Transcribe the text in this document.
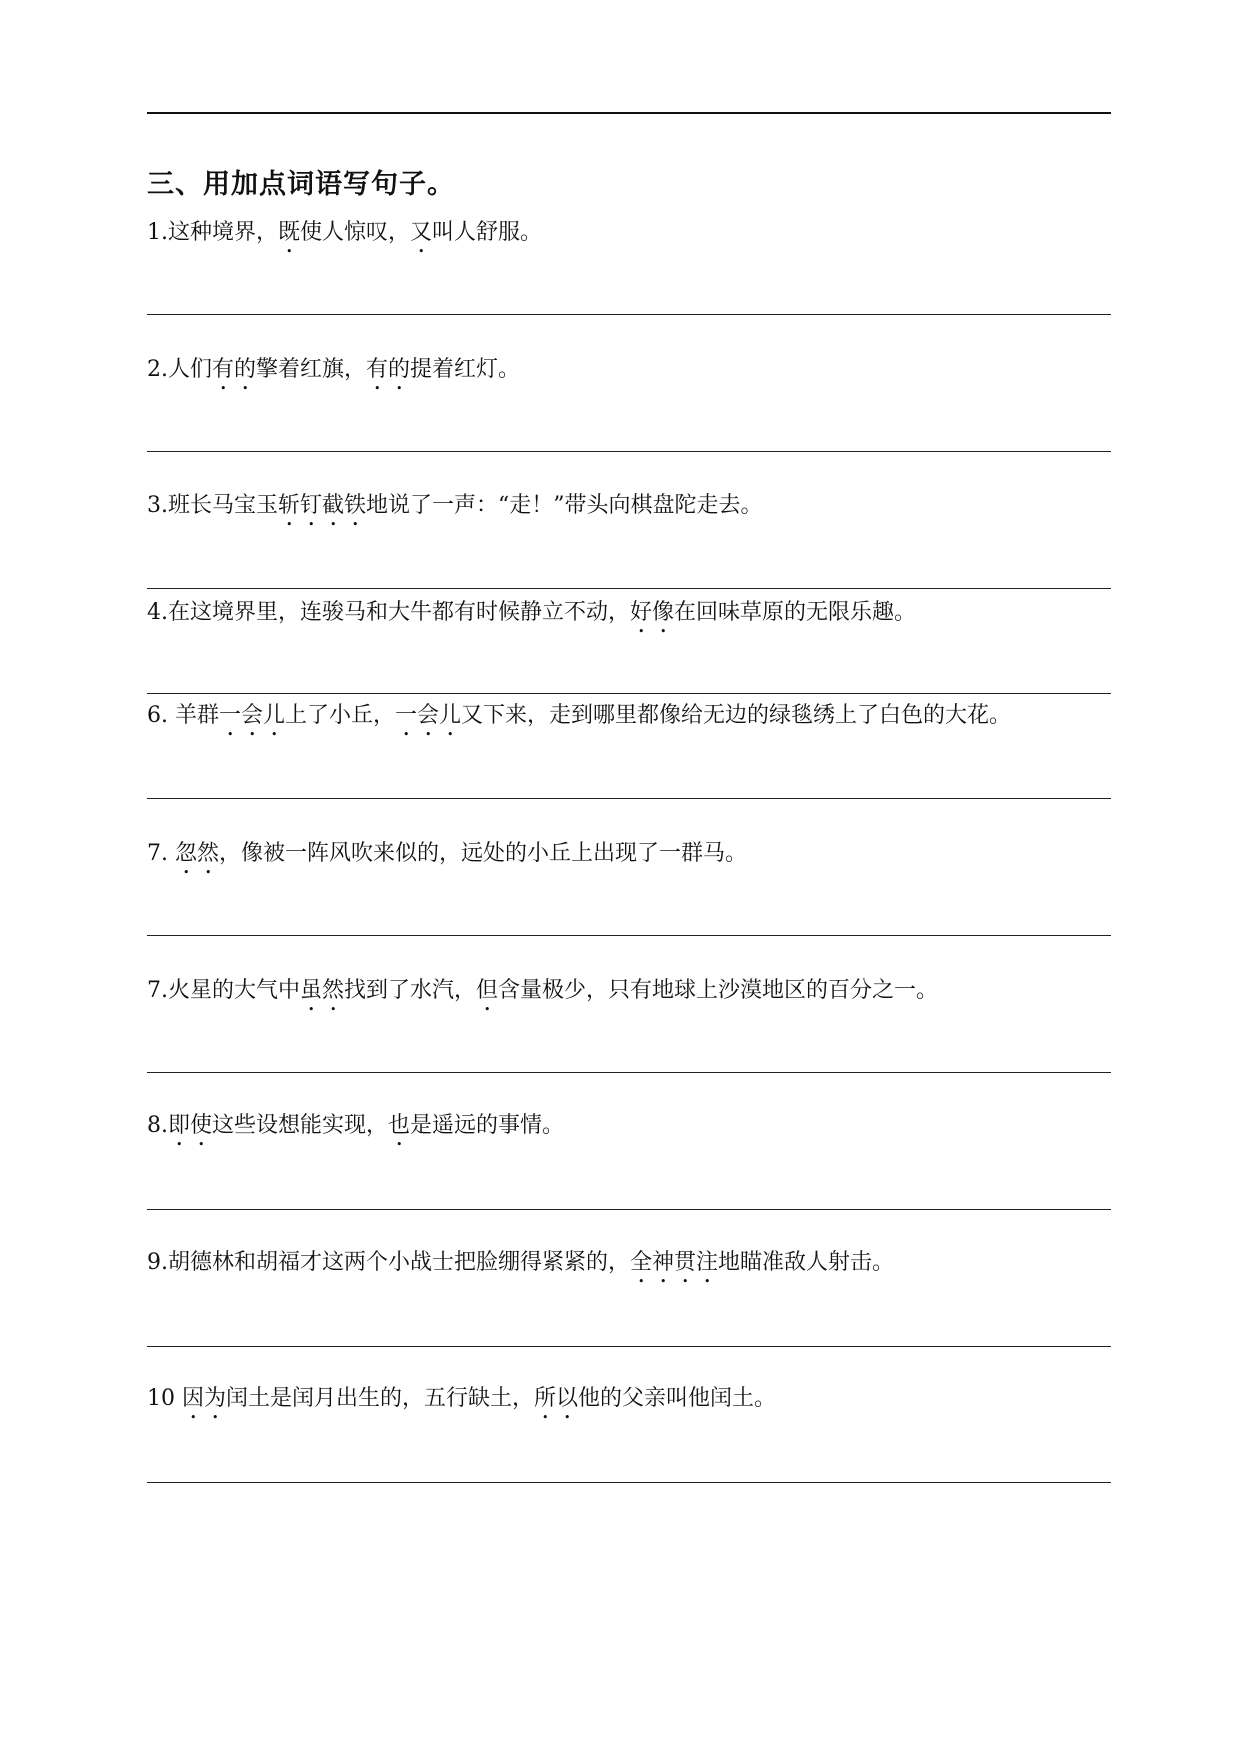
三、用加点词语写句子。
1.这种境界，既使人惊叹，又叫人舒服。
2.人们有的擎着红旗，有的提着红灯。
3.班长马宝玉斩钉截铁地说了一声：“走！”带头向棋盘陀走去。
4.在这境界里，连骏马和大牛都有时候静立不动，好像在回味草原的无限乐趣。
6. 羊群一会儿上了小丘，一会儿又下来，走到哪里都像给无边的绿毯绣上了白色的大花。
7. 忽然，像被一阵风吹来似的，远处的小丘上出现了一群马。
7.火星的大气中虽然找到了水汽，但含量极少，只有地球上沙漠地区的百分之一。
8.即使这些设想能实现，也是遥远的事情。
9.胡德林和胡福才这两个小战士把脸绷得紧紧的，全神贯注地瞄准敌人射击。
10 因为闰土是闰月出生的，五行缺土，所以他的父亲叫他闰土。
